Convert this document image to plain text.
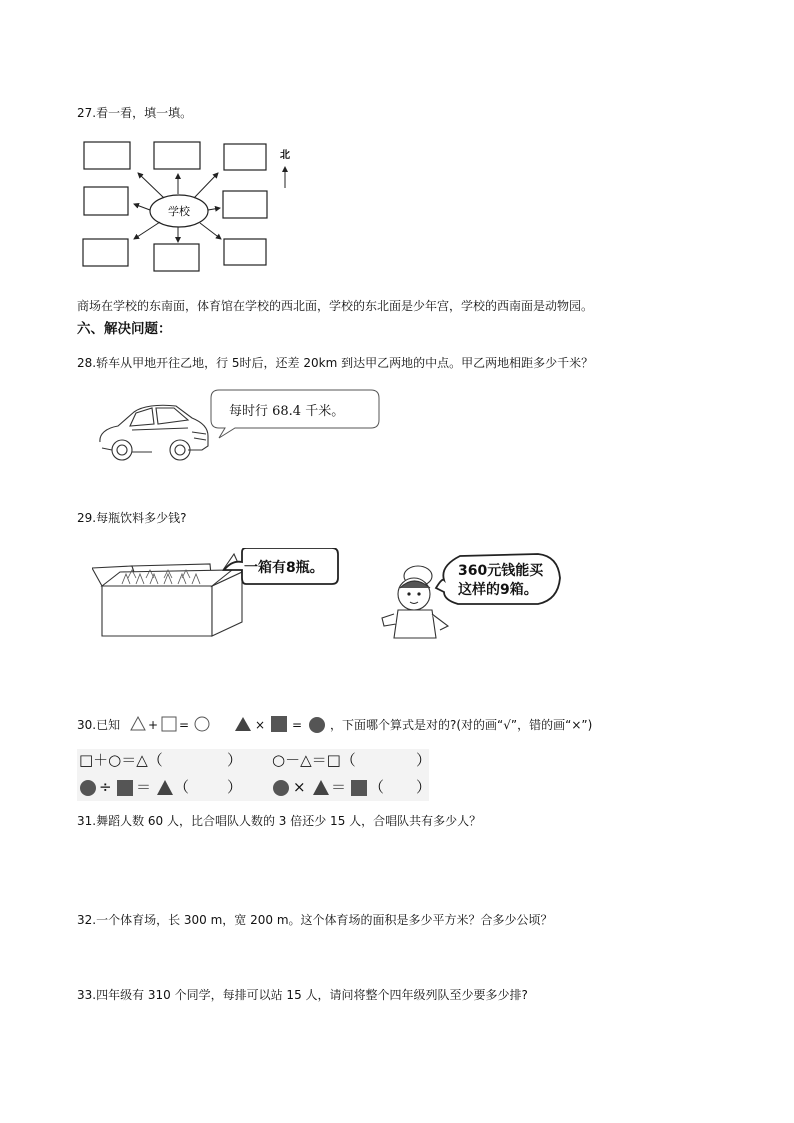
27.看一看，填一填。
学校
北
商场在学校的东南面，体育馆在学校的西北面，学校的东北面是少年宫，学校的西南面是动物园。
六、解决问题：
28.轿车从甲地开往乙地，行 5时后，还差 20km 到达甲乙两地的中点。甲乙两地相距多少千米？
每时行 68.4 千米。
29.每瓶饮料多少钱?
一箱有8瓶。	360元钱能买
这样的9箱。
30.已知 + =	× = ，下面哪个算式是对的?(对的画“√”，错的画“×”)
□＋○＝△（	） ○－△＝□（	）
÷ ＝ （	）	× ＝ （ ）
31.舞蹈人数 60 人，比合唱队人数的 3 倍还少 15 人，合唱队共有多少人？
32.一个体育场，长 300 m，宽 200 m。这个体育场的面积是多少平方米？合多少公顷？
33.四年级有 310 个同学，每排可以站 15 人，请问将整个四年级列队至少要多少排?
